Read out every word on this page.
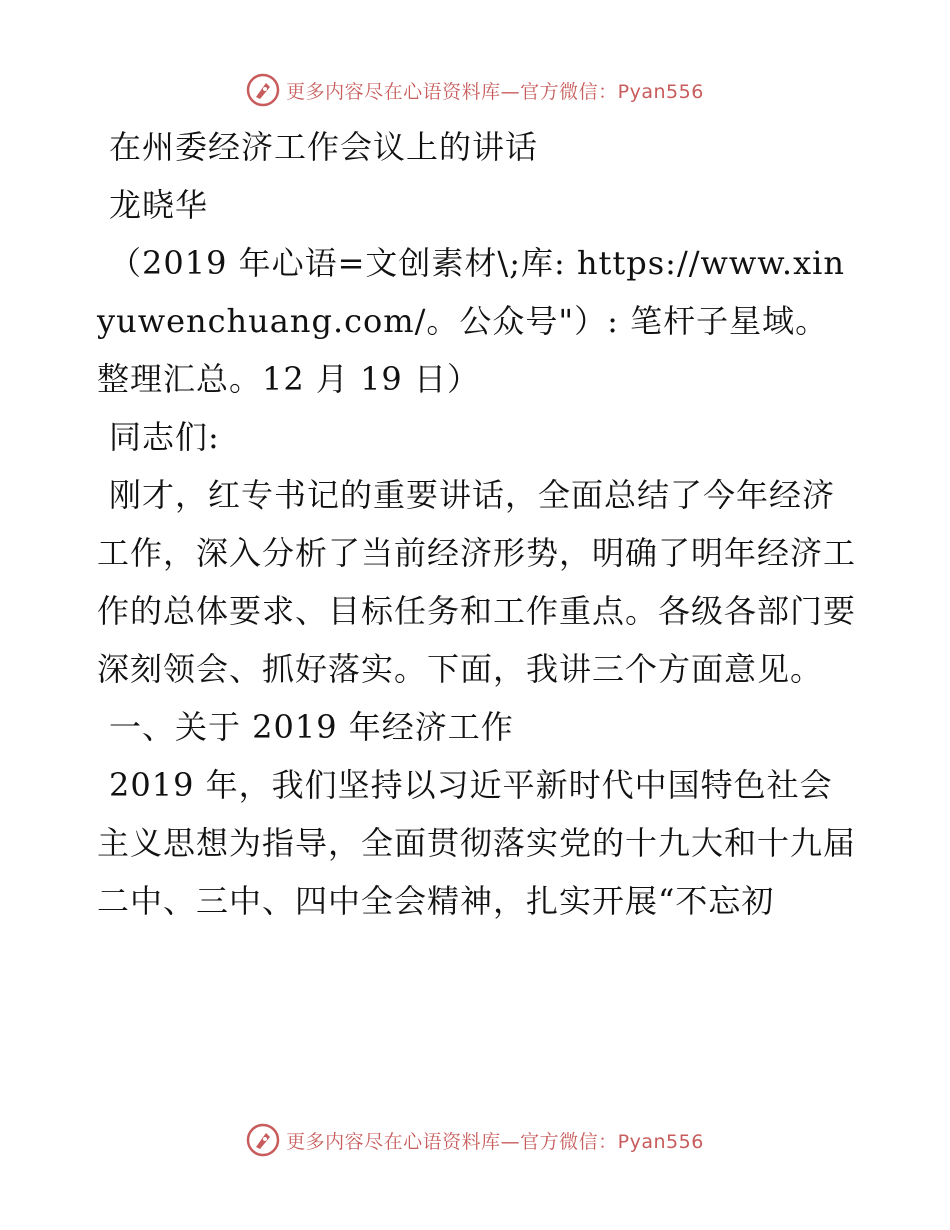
更多内容尽在心语资料库—官方微信：Pyan556

在州委经济工作会议上的讲话

龙晓华

（2019 年心语=文创素材\;库: https://www.xinyuwenchuang.com/。公众号"）: 笔杆子星域。整理汇总。12 月 19 日）

同志们:

刚才，红专书记的重要讲话，全面总结了今年经济工作，深入分析了当前经济形势，明确了明年经济工作的总体要求、目标任务和工作重点。各级各部门要深刻领会、抓好落实。下面，我讲三个方面意见。

一、关于 2019 年经济工作

2019 年，我们坚持以习近平新时代中国特色社会主义思想为指导，全面贯彻落实党的十九大和十九届二中、三中、四中全会精神，扎实开展“不忘初

更多内容尽在心语资料库—官方微信：Pyan556
